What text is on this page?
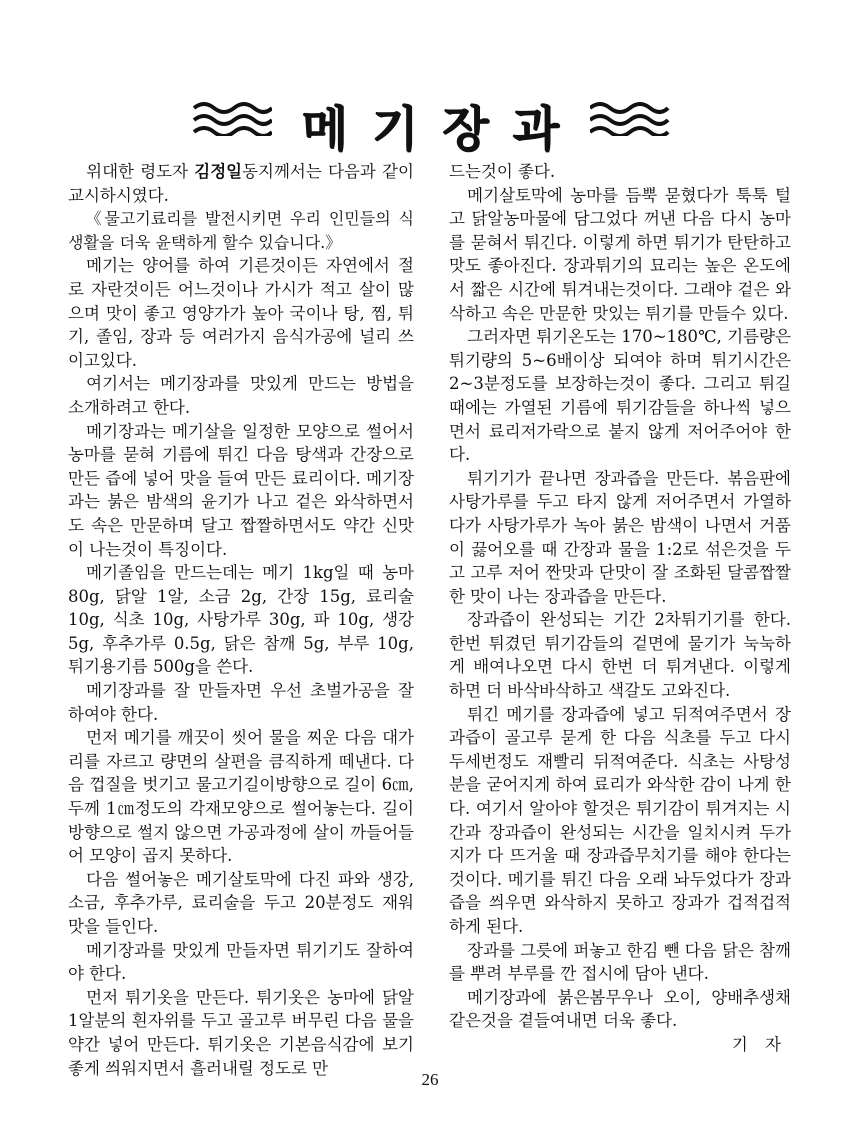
메기장과

위대한 령도자 김정일동지께서는 다음과 같이 교시하시였다.

《물고기료리를 발전시키면 우리 인민들의 식생활을 더욱 윤택하게 할수 있습니다.》

메기는 양어를 하여 기른것이든 자연에서 절로 자란것이든 어느것이나 가시가 적고 살이 많으며 맛이 좋고 영양가가 높아 국이나 탕, 찜, 튀기, 졸임, 장과 등 여러가지 음식가공에 널리 쓰이고있다.

여기서는 메기장과를 맛있게 만드는 방법을 소개하려고 한다.

메기장과는 메기살을 일정한 모양으로 썰어서 농마를 묻혀 기름에 튀긴 다음 탕색과 간장으로 만든 즙에 넣어 맛을 들여 만든 료리이다. 메기장과는 붉은 밤색의 윤기가 나고 겉은 와삭하면서도 속은 만문하며 달고 짭짤하면서도 약간 신맛이 나는것이 특징이다.

메기졸임을 만드는데는 메기 1kg일 때 농마 80g, 닭알 1알, 소금 2g, 간장 15g, 료리술 10g, 식초 10g, 사탕가루 30g, 파 10g, 생강 5g, 후추가루 0.5g, 닭은 참깨 5g, 부루 10g, 튀기용기름 500g을 쓴다.

메기장과를 잘 만들자면 우선 초벌가공을 잘 하여야 한다.

먼저 메기를 깨끗이 씻어 물을 찌운 다음 대가리를 자르고 량면의 살편을 큼직하게 떼낸다. 다음 껍질을 벗기고 물고기길이방향으로 길이 6㎝, 두께 1㎝정도의 각재모양으로 썰어놓는다. 길이방향으로 썰지 않으면 가공과정에 살이 까들어들어 모양이 곱지 못하다.

다음 썰어놓은 메기살토막에 다진 파와 생강, 소금, 후추가루, 료리술을 두고 20분정도 재워 맛을 들인다.

메기장과를 맛있게 만들자면 튀기기도 잘하여야 한다.

먼저 튀기옷을 만든다. 튀기옷은 농마에 닭알 1알분의 흰자위를 두고 골고루 버무린 다음 물을 약간 넣어 만든다. 튀기옷은 기본음식감에 보기 좋게 씌워지면서 흘러내릴 정도로 만

드는것이 좋다.

메기살토막에 농마를 듬뿍 묻혔다가 툭툭 털고 닭알농마물에 담그었다 꺼낸 다음 다시 농마를 묻혀서 튀긴다. 이렇게 하면 튀기가 탄탄하고 맛도 좋아진다. 장과튀기의 묘리는 높은 온도에서 짧은 시간에 튀겨내는것이다. 그래야 겉은 와삭하고 속은 만문한 맛있는 튀기를 만들수 있다.

그러자면 튀기온도는 170~180℃, 기름량은 튀기량의 5~6배이상 되여야 하며 튀기시간은 2~3분정도를 보장하는것이 좋다. 그리고 튀길 때에는 가열된 기름에 튀기감들을 하나씩 넣으면서 료리저가락으로 붙지 않게 저어주어야 한다.

튀기기가 끝나면 장과즙을 만든다. 볶음판에 사탕가루를 두고 타지 않게 저어주면서 가열하다가 사탕가루가 녹아 붉은 밤색이 나면서 거품이 끓어오를 때 간장과 물을 1:2로 섞은것을 두고 고루 저어 짠맛과 단맛이 잘 조화된 달콤짭짤한 맛이 나는 장과즙을 만든다.

장과즙이 완성되는 기간 2차튀기기를 한다. 한번 튀겼던 튀기감들의 겉면에 물기가 눅눅하게 배여나오면 다시 한번 더 튀겨낸다. 이렇게 하면 더 바삭바삭하고 색갈도 고와진다.

튀긴 메기를 장과즙에 넣고 뒤적여주면서 장과즙이 골고루 묻게 한 다음 식초를 두고 다시 두세번정도 재빨리 뒤적여준다. 식초는 사탕성분을 굳어지게 하여 료리가 와삭한 감이 나게 한다. 여기서 알아야 할것은 튀기감이 튀겨지는 시간과 장과즙이 완성되는 시간을 일치시켜 두가지가 다 뜨거울 때 장과즙무치기를 해야 한다는것이다. 메기를 튀긴 다음 오래 놔두었다가 장과즙을 씌우면 와삭하지 못하고 장과가 겁적겁적하게 된다.

장과를 그릇에 퍼놓고 한김 뺀 다음 닭은 참깨를 뿌려 부루를 깐 접시에 담아 낸다.

메기장과에 붉은봄무우나 오이, 양배추생채 같은것을 곁들여내면 더욱 좋다.

기 자

26
